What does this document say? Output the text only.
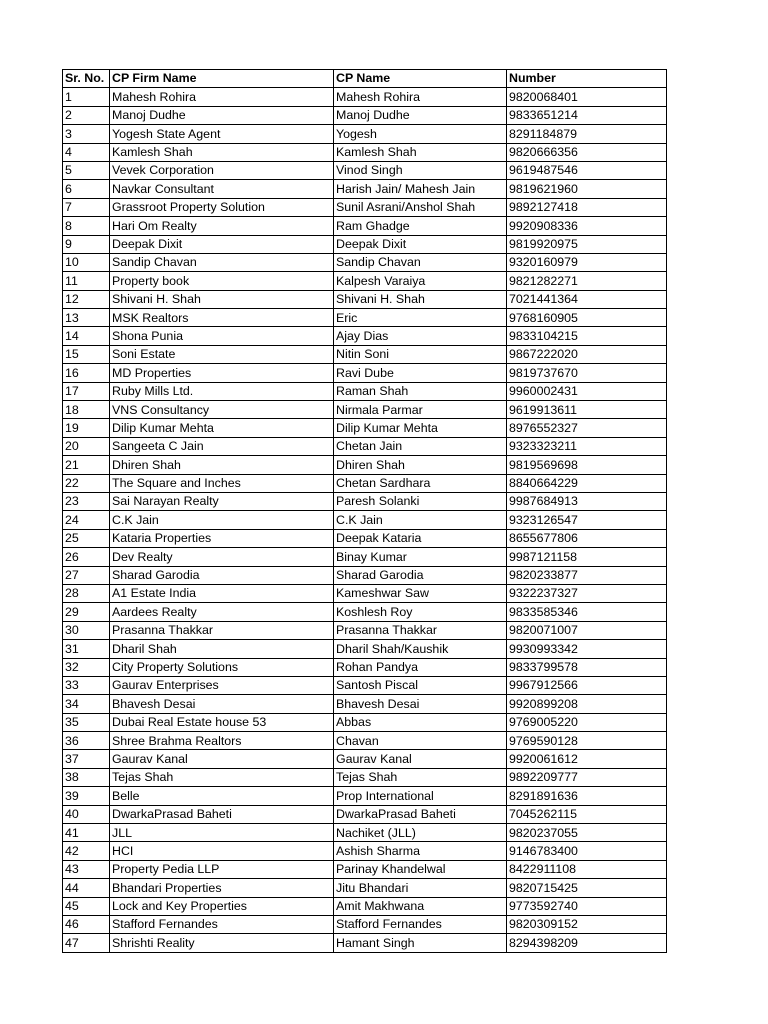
Sr. No.	CP Firm Name	CP Name	Number
1	Mahesh Rohira	Mahesh Rohira	9820068401
2	Manoj Dudhe	Manoj Dudhe	9833651214
3	Yogesh State Agent	Yogesh	8291184879
4	Kamlesh Shah	Kamlesh Shah	9820666356
5	Vevek Corporation	Vinod Singh	9619487546
6	Navkar Consultant	Harish Jain/ Mahesh Jain	9819621960
7	Grassroot Property Solution	Sunil Asrani/Anshol Shah	9892127418
8	Hari Om Realty	Ram Ghadge	9920908336
9	Deepak Dixit	Deepak Dixit	9819920975
10	Sandip Chavan	Sandip Chavan	9320160979
11	Property book	Kalpesh Varaiya	9821282271
12	Shivani H. Shah	Shivani H. Shah	7021441364
13	MSK Realtors	Eric	9768160905
14	Shona Punia	Ajay Dias	9833104215
15	Soni Estate	Nitin Soni	9867222020
16	MD Properties	Ravi Dube	9819737670
17	Ruby Mills Ltd.	Raman Shah	9960002431
18	VNS Consultancy	Nirmala Parmar	9619913611
19	Dilip Kumar Mehta	Dilip Kumar Mehta	8976552327
20	Sangeeta C Jain	Chetan Jain	9323323211
21	Dhiren Shah	Dhiren Shah	9819569698
22	The Square and Inches	Chetan Sardhara	8840664229
23	Sai Narayan Realty	Paresh Solanki	9987684913
24	C.K Jain	C.K Jain	9323126547
25	Kataria Properties	Deepak Kataria	8655677806
26	Dev Realty	Binay Kumar	9987121158
27	Sharad Garodia	Sharad Garodia	9820233877
28	A1 Estate India	Kameshwar Saw	9322237327
29	Aardees Realty	Koshlesh Roy	9833585346
30	Prasanna Thakkar	Prasanna Thakkar	9820071007
31	Dharil Shah	Dharil Shah/Kaushik	9930993342
32	City Property Solutions	Rohan Pandya	9833799578
33	Gaurav Enterprises	Santosh Piscal	9967912566
34	Bhavesh Desai	Bhavesh Desai	9920899208
35	Dubai Real Estate house 53	Abbas	9769005220
36	Shree Brahma Realtors	Chavan	9769590128
37	Gaurav Kanal	Gaurav Kanal	9920061612
38	Tejas Shah	Tejas Shah	9892209777
39	Belle	Prop International	8291891636
40	DwarkaPrasad Baheti	DwarkaPrasad Baheti	7045262115
41	JLL	Nachiket (JLL)	9820237055
42	HCI	Ashish Sharma	9146783400
43	Property Pedia LLP	Parinay Khandelwal	8422911108
44	Bhandari Properties	Jitu Bhandari	9820715425
45	Lock and Key Properties	Amit Makhwana	9773592740
46	Stafford Fernandes	Stafford Fernandes	9820309152
47	Shrishti Reality	Hamant Singh	8294398209
